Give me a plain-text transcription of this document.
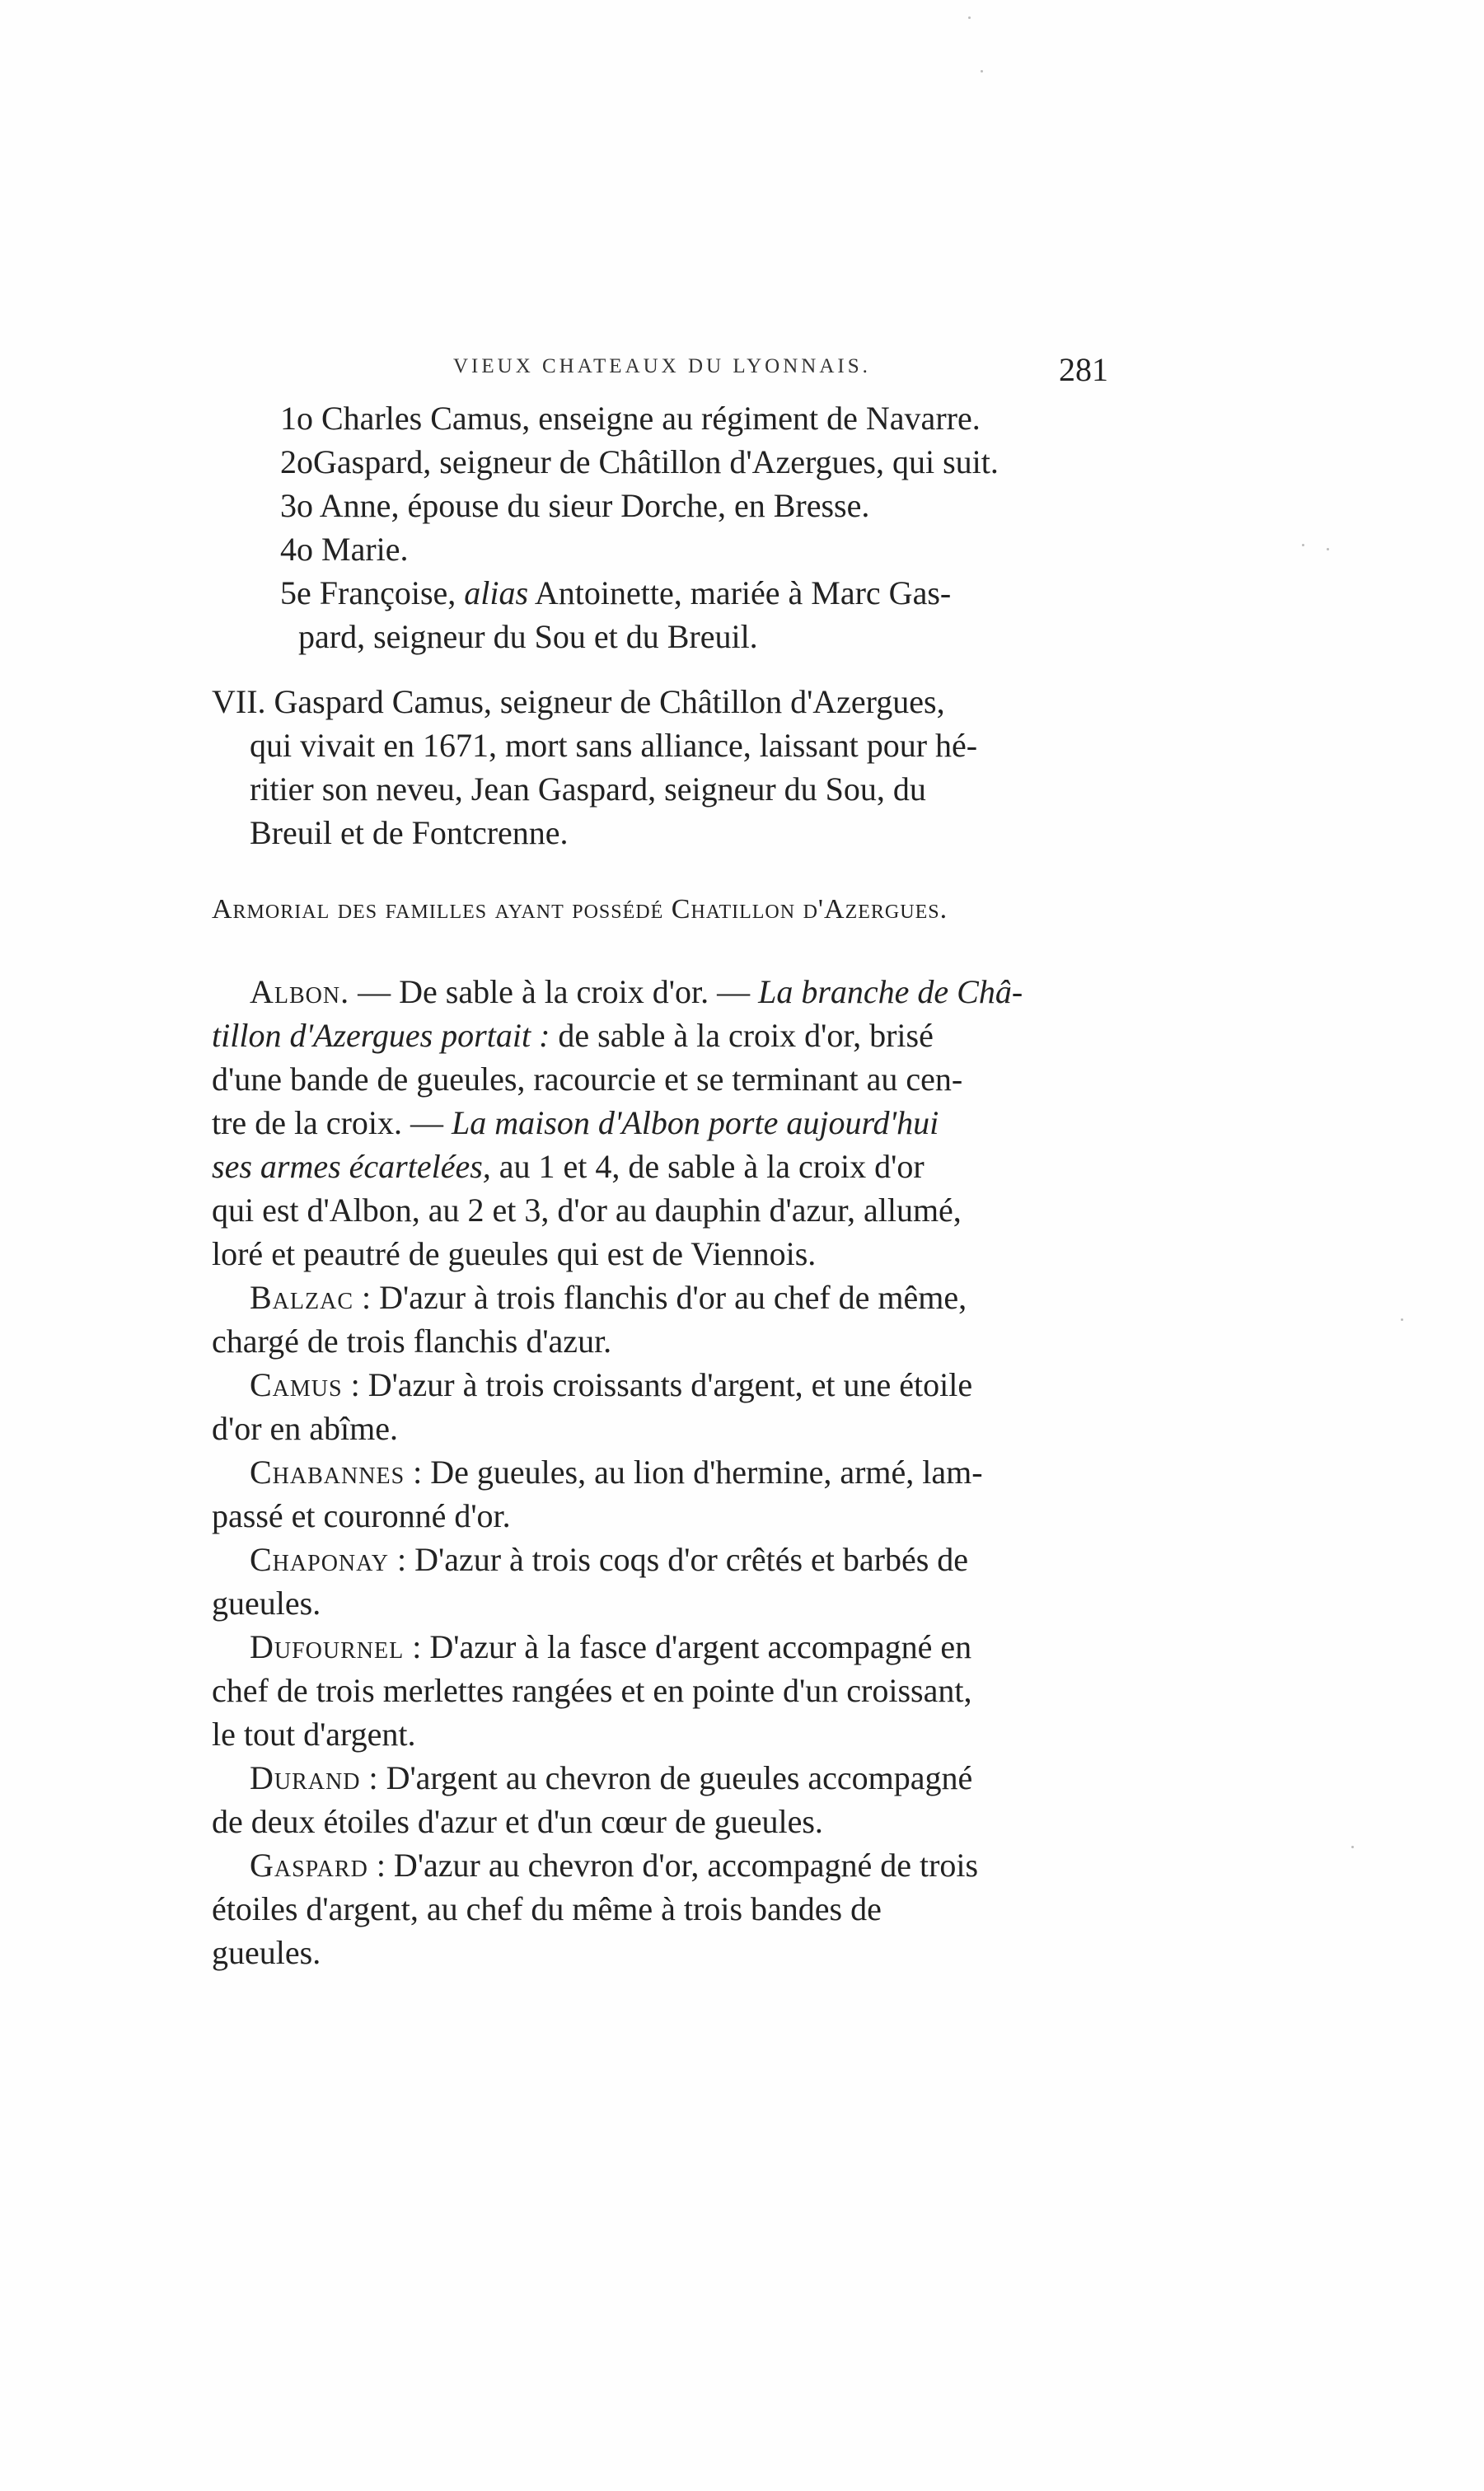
VIEUX CHATEAUX DU LYONNAIS.	281
1o Charles Camus, enseigne au régiment de Navarre.
2oGaspard, seigneur de Châtillon d'Azergues, qui suit.
3o Anne, épouse du sieur Dorche, en Bresse.
4o Marie.
5e Françoise, alias Antoinette, mariée à Marc Gas-
pard, seigneur du Sou et du Breuil.
VII. Gaspard Camus, seigneur de Châtillon d'Azergues,
qui vivait en 1671, mort sans alliance, laissant pour hé-
ritier son neveu, Jean Gaspard, seigneur du Sou, du
Breuil et de Fontcrenne.
Armorial des familles ayant possédé Chatillon d'Azergues.
Albon. — De sable à la croix d'or. — La branche de Châ-
tillon d'Azergues portait : de sable à la croix d'or, brisé
d'une bande de gueules, racourcie et se terminant au cen-
tre de la croix. — La maison d'Albon porte aujourd'hui
ses armes écartelées, au 1 et 4, de sable à la croix d'or
qui est d'Albon, au 2 et 3, d'or au dauphin d'azur, allumé,
loré et peautré de gueules qui est de Viennois.
Balzac : D'azur à trois flanchis d'or au chef de même,
chargé de trois flanchis d'azur.
Camus : D'azur à trois croissants d'argent, et une étoile
d'or en abîme.
Chabannes : De gueules, au lion d'hermine, armé, lam-
passé et couronné d'or.
Chaponay : D'azur à trois coqs d'or crêtés et barbés de
gueules.
Dufournel : D'azur à la fasce d'argent accompagné en
chef de trois merlettes rangées et en pointe d'un croissant,
le tout d'argent.
Durand : D'argent au chevron de gueules accompagné
de deux étoiles d'azur et d'un cœur de gueules.
Gaspard : D'azur au chevron d'or, accompagné de trois
étoiles d'argent, au chef du même à trois bandes de
gueules.
